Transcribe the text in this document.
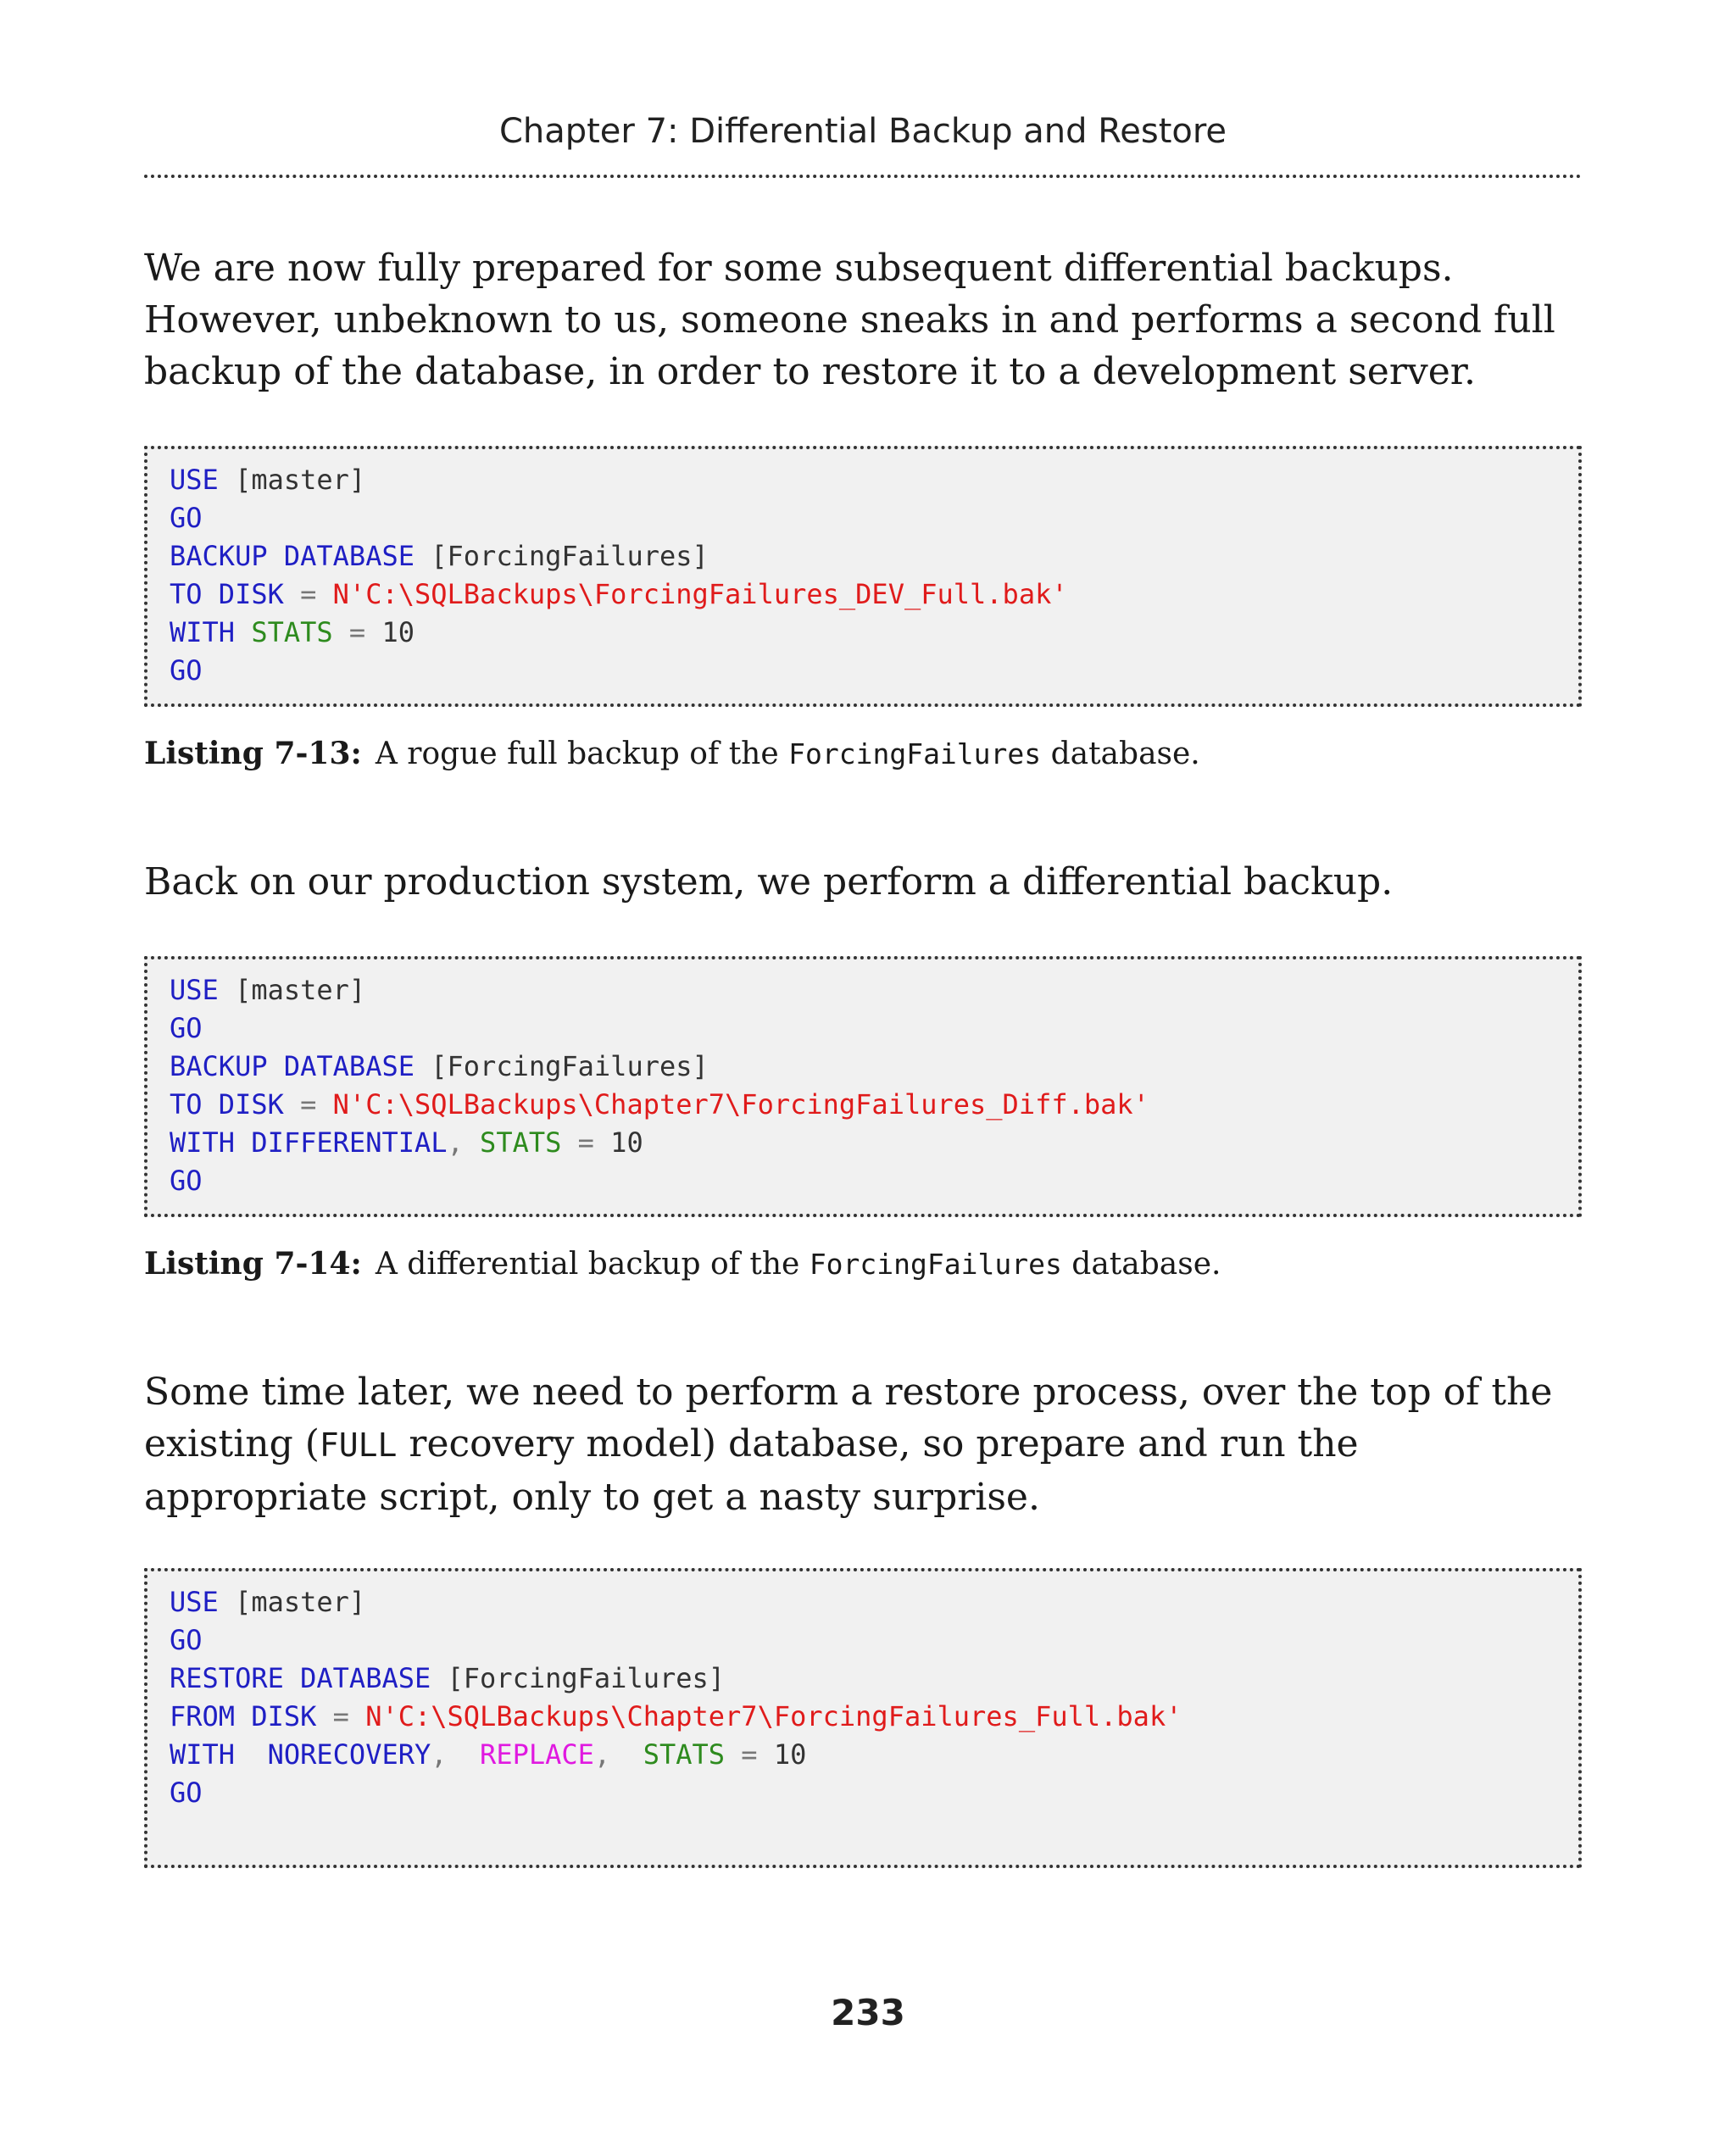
Chapter 7: Differential Backup and Restore

We are now fully prepared for some subsequent differential backups. However, unbeknown to us, someone sneaks in and performs a second full backup of the database, in order to restore it to a development server.

USE [master]
GO
BACKUP DATABASE [ForcingFailures]
TO DISK = N'C:\SQLBackups\ForcingFailures_DEV_Full.bak'
WITH STATS = 10
GO
Listing 7-13: A rogue full backup of the ForcingFailures database.

Back on our production system, we perform a differential backup.

USE [master]
GO
BACKUP DATABASE [ForcingFailures]
TO DISK = N'C:\SQLBackups\Chapter7\ForcingFailures_Diff.bak'
WITH DIFFERENTIAL, STATS = 10
GO
Listing 7-14: A differential backup of the ForcingFailures database.

Some time later, we need to perform a restore process, over the top of the existing (FULL recovery model) database, so prepare and run the appropriate script, only to get a nasty surprise.

USE [master]
GO
RESTORE DATABASE [ForcingFailures]
FROM DISK = N'C:\SQLBackups\Chapter7\ForcingFailures_Full.bak'
WITH NORECOVERY,  REPLACE,  STATS = 10
GO
233
